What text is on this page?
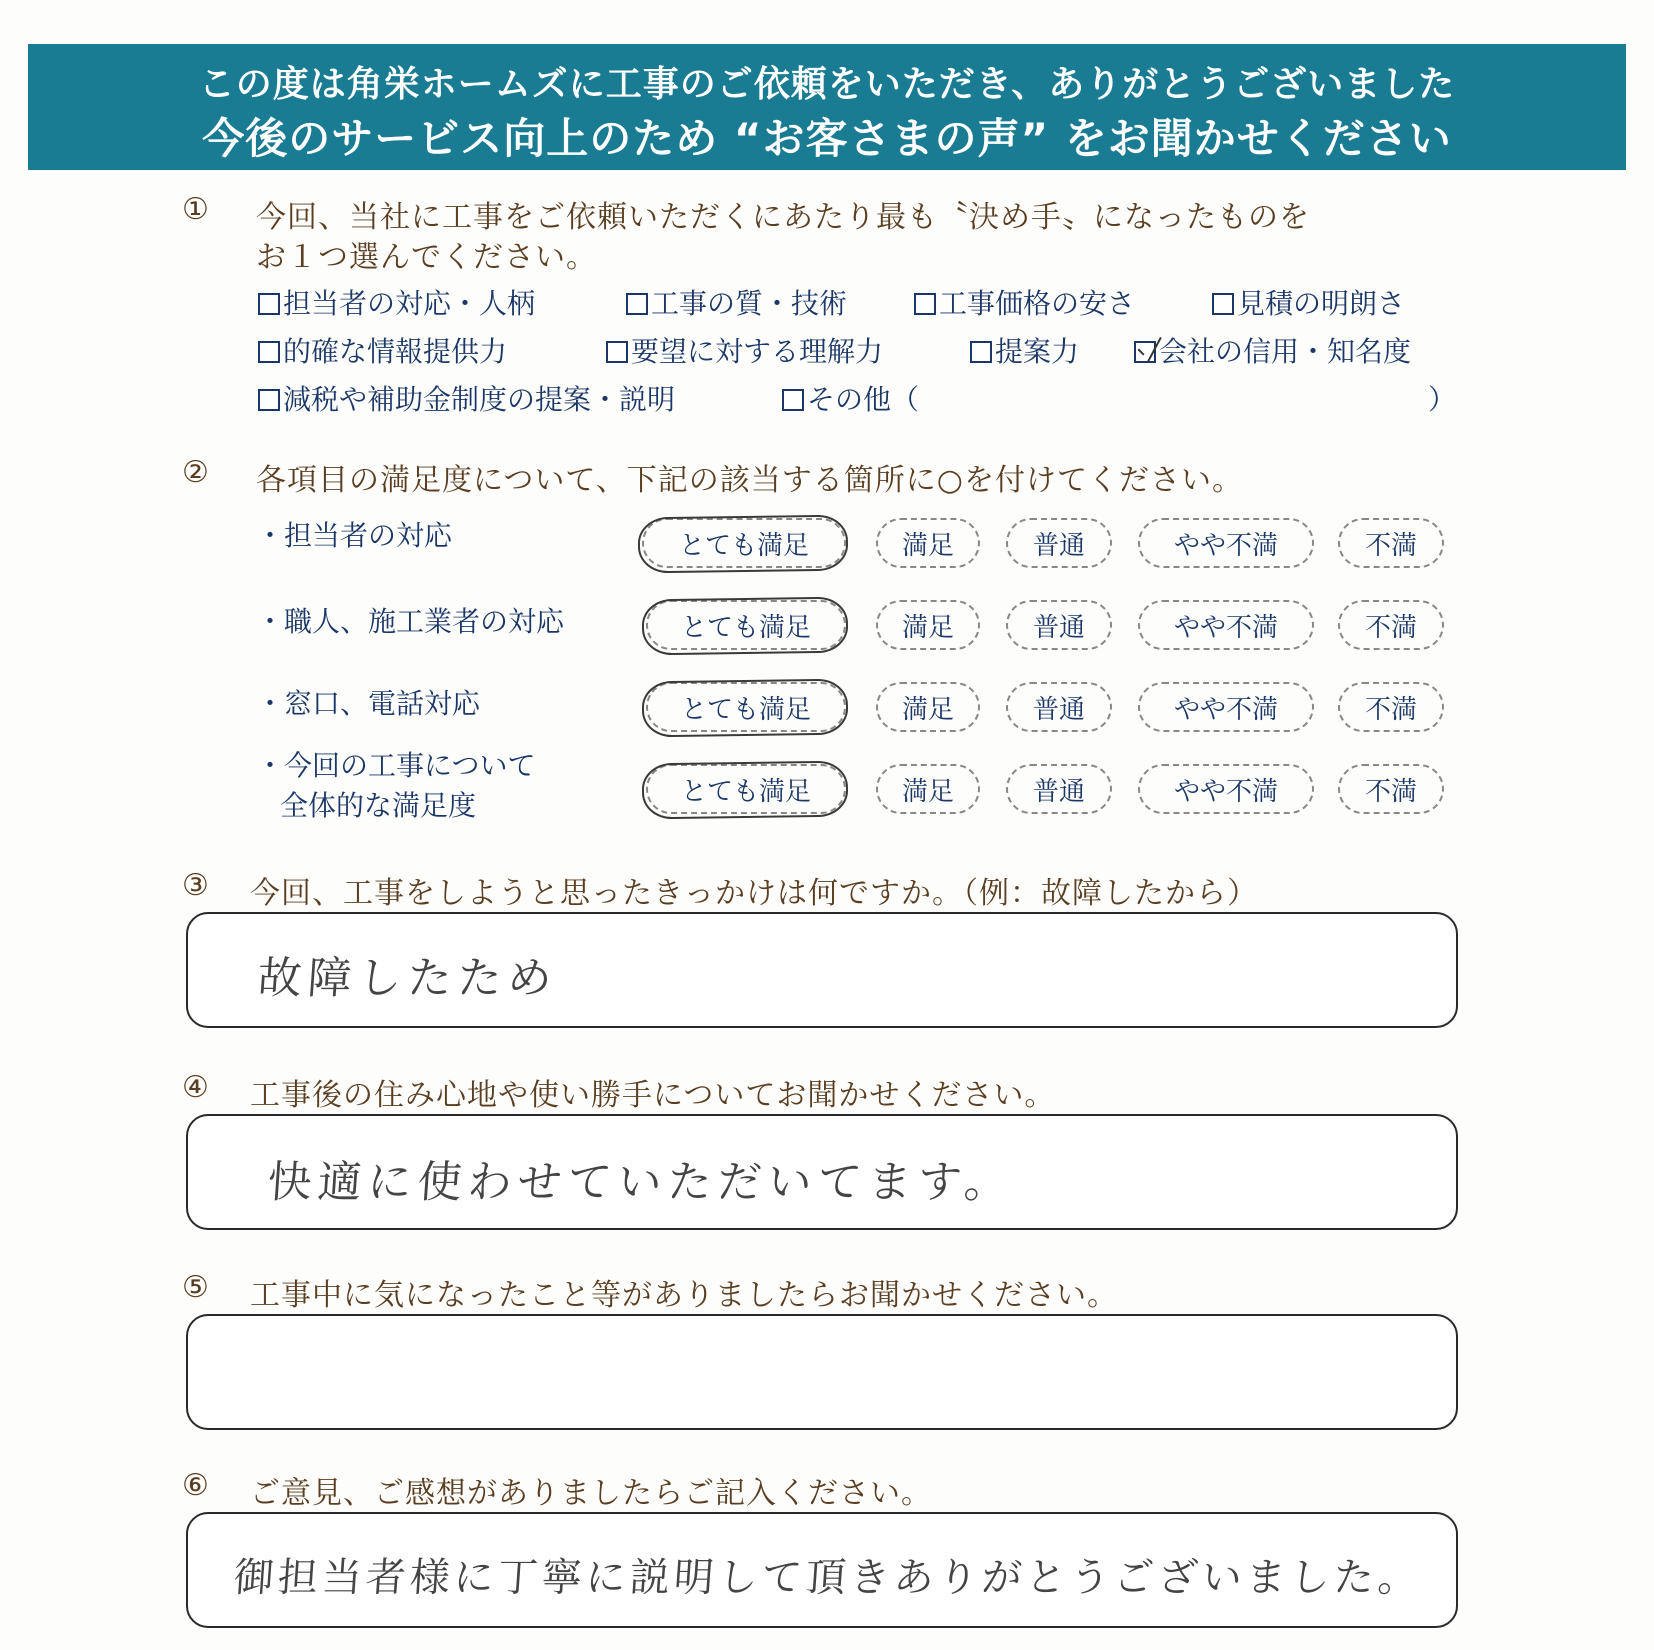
この度は角栄ホームズに工事のご依頼をいただき、ありがとうございました
今後のサービス向上のため “お客さまの声” をお聞かせください
① 今回、当社に工事をご依頼いただくにあたり最も〝決め手〟になったものを
お１つ選んでください。
担当者の対応・人柄	工事の質・技術	工事価格の安さ	見積の明朗さ
的確な情報提供力	要望に対する理解力	提案力	会社の信用・知名度
減税や補助金制度の提案・説明	その他（	）
② 各項目の満足度について、下記の該当する箇所に○を付けてください。
・担当者の対応	とても満足	満足	普通	やや不満	不満
・職人、施工業者の対応	とても満足	満足	普通	やや不満	不満
・窓口、電話対応	とても満足	満足	普通	やや不満	不満
・今回の工事について
全体的な満足度	とても満足	満足	普通	やや不満	不満
③ 今回、工事をしようと思ったきっかけは何ですか。（例：故障したから）
故障したため
④ 工事後の住み心地や使い勝手についてお聞かせください。
快適に使わせていただいてます。
⑤ 工事中に気になったこと等がありましたらお聞かせください。
⑥ ご意見、ご感想がありましたらご記入ください。
御担当者様に丁寧に説明して頂きありがとうございました。
